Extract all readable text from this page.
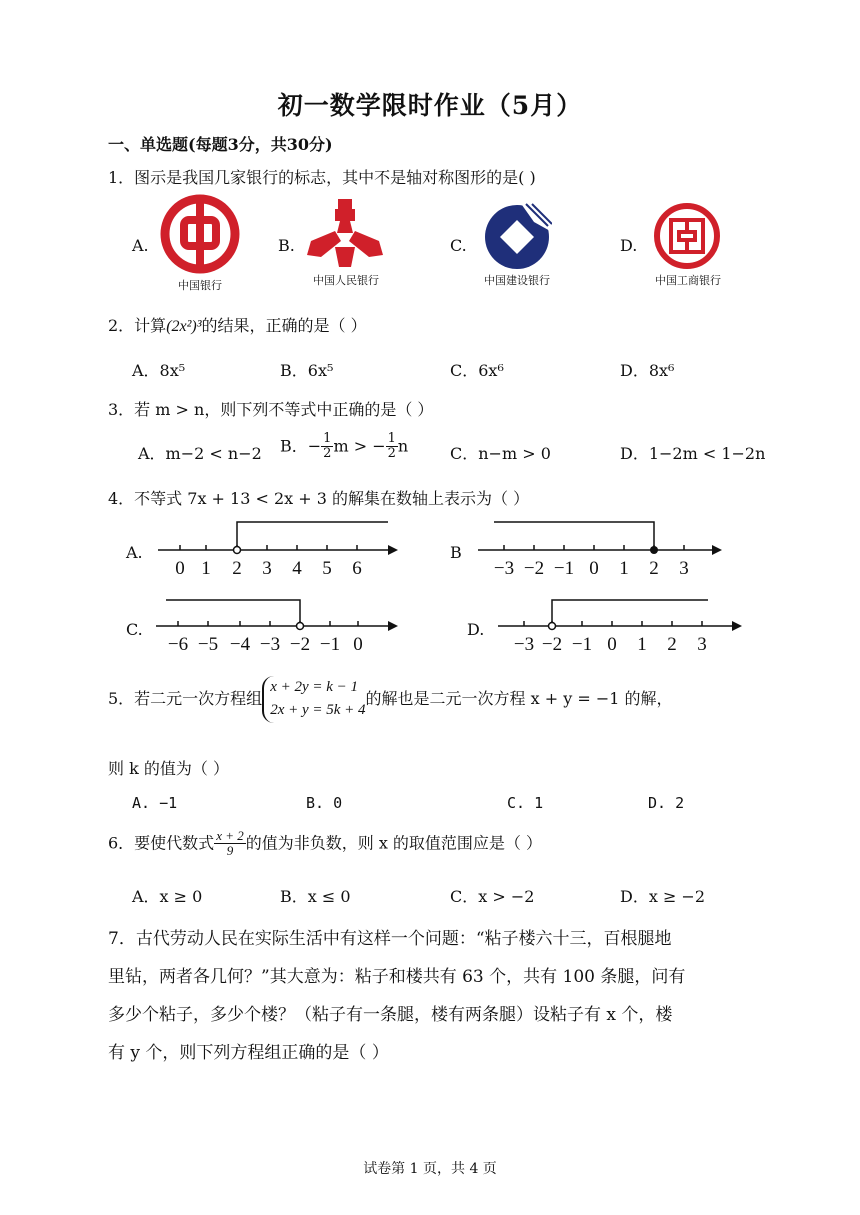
初一数学限时作业（5月）
一、单选题(每题3分，共30分)
1．图示是我国几家银行的标志，其中不是轴对称图形的是( )
A.
中国银行
B.
中国人民银行
C.
中国建设银行
D.
中国工商银行
2．计算(2x²)³的结果，正确的是（ ）
A．8x⁵	B．6x⁵	C．6x⁶	D．8x⁶
3．若 m > n，则下列不等式中正确的是（ ）
A．m−2 < n−2 B．− $\frac{1}{2}$ m > − $\frac{1}{2}$ n	C．n−m > 0	D．1−2m < 1−2n
4．不等式 7x + 13 < 2x + 3 的解集在数轴上表示为（ ）
A.
0 1 2 3 4 5 6
B
−3 −2 −1 0 1 2 3
C.
−6 −5 −4 −3 −2 −1 0
D.
−3 −2 −1 0 1 2 3
5．若二元一次方程组
x + 2y = k − 1
2x + y = 5k + 4
的解也是二元一次方程 x + y = −1 的解，
则 k 的值为（ ）
A. −1	B. 0	C. 1	D. 2
6．要使代数式 $\frac{x + 2}{9}$ 的值为非负数，则 x 的取值范围应是（ ）
A．x ≥ 0	B．x ≤ 0	C．x > −2	D．x ≥ −2
7．古代劳动人民在实际生活中有这样一个问题：“粘子楼六十三，百根腿地
里钻，两者各几何？”其大意为：粘子和楼共有 63 个，共有 100 条腿，问有
多少个粘子，多少个楼？（粘子有一条腿，楼有两条腿）设粘子有 x 个，楼
有 y 个，则下列方程组正确的是（ ）
试卷第 1 页，共 4 页
